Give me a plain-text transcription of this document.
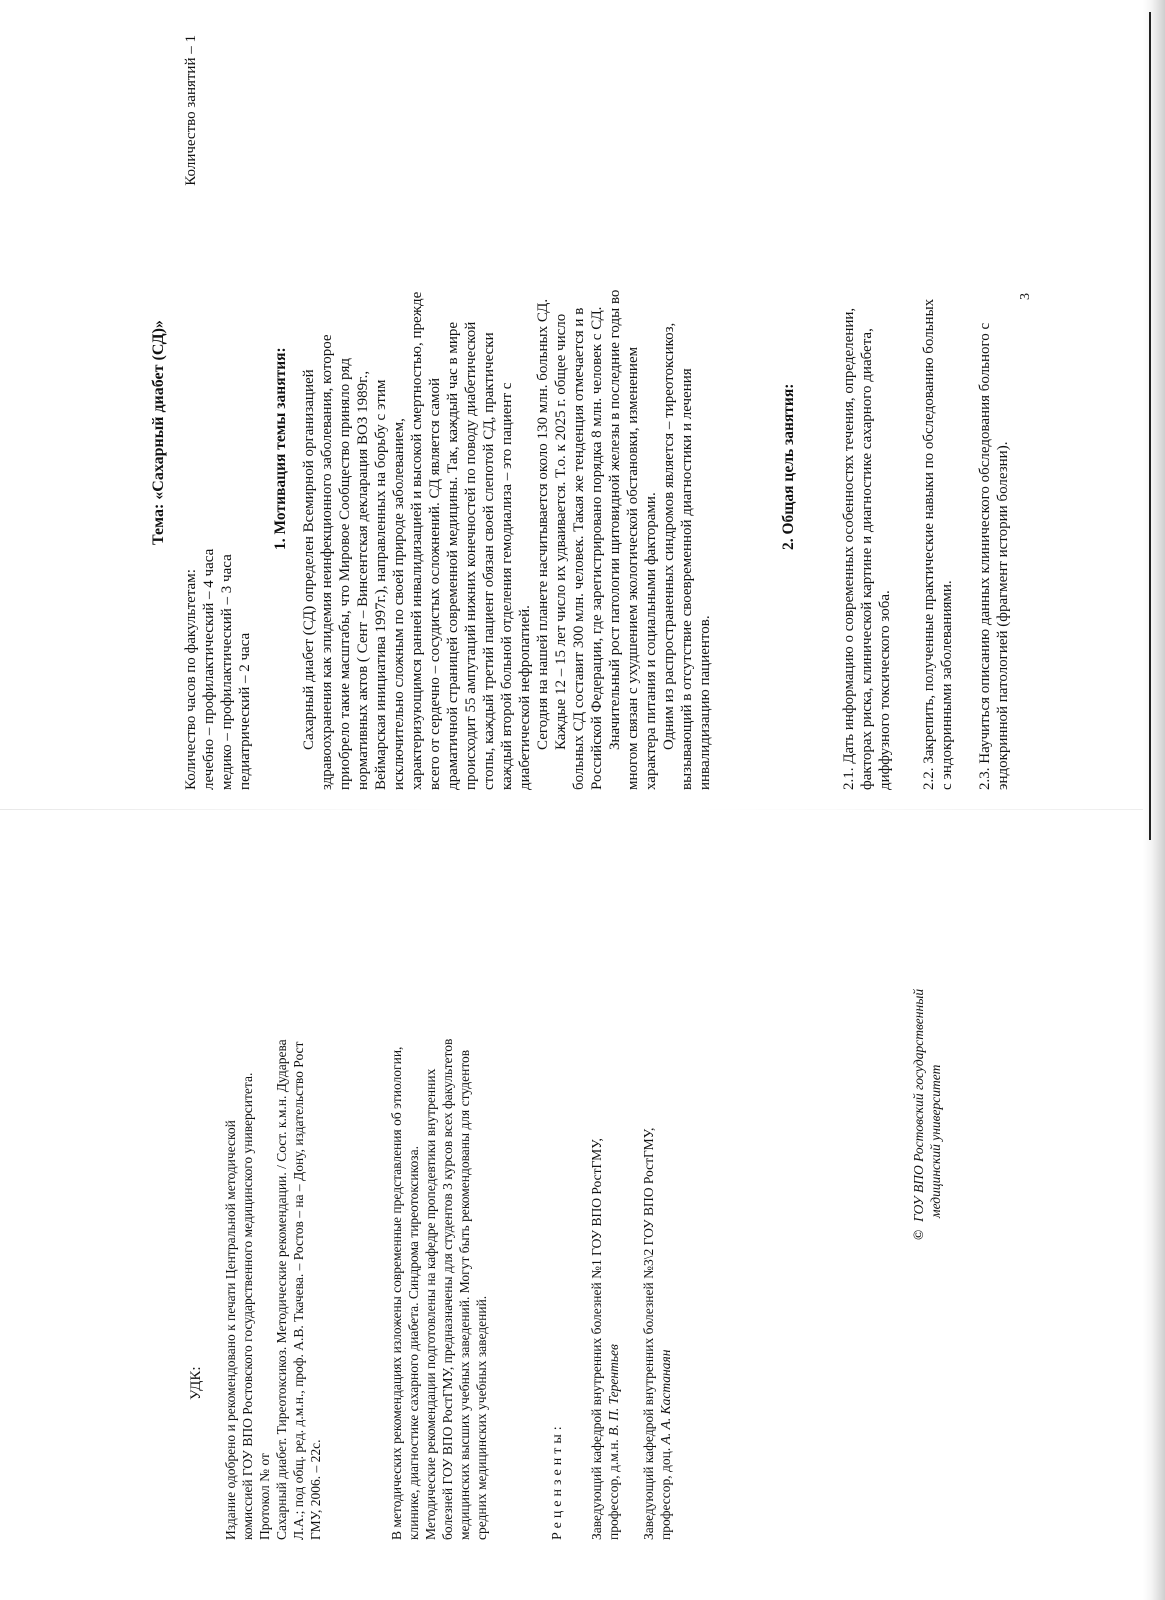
УДК: Издание одобрено и рекомендовано к печати Центральной методической комиссией ГОУ ВПО Ростовского государственного медицинского университета. Протокол № от Сахарный диабет. Тиреотоксикоз. Методические рекомендации. / Сост. к.м.н. Дударева Л.А.; под общ. ред. д.м.н., проф. А.В. Ткачева. – Ростов – на – Дону, издательство Рост ГМУ, 2006. – 22с.	В методических рекомендациях изложены современные представления об этиологии, клинике, диагностике сахарного диабета. Синдрома тиреотоксикоза. Методические рекомендации подготовлены на кафедре пропедевтики внутренних болезней ГОУ ВПО РостГМУ, предназначены для студентов 3 курсов всех факультетов медицинских высших учебных заведений. Могут быть рекомендованы для студентов средних медицинских учебных заведений.	Рецензенты: Заведующий кафедрой внутренних болезней №1 ГОУ ВПО РостГМУ, профессор, д.м.н. В. П. Терентьев Заведующий кафедрой внутренних болезней №3\2 ГОУ ВПО РостГМУ, профессор, доц. А. А. Кастанаян
©ГОУ ВПО Ростовский государственный медицинский университет
Тема: «Сахарный диабет (СД)»
Количество часов по факультетам:
Количество занятий – 1
лечебно – профилактический – 4 часа медико – профилактический – 3 часа педиатрический – 2 часа
1. Мотивация темы занятия: Сахарный диабет (СД) определен Всемирной организацией здравоохранения как эпидемия неинфекционного заболевания, которое приобрело такие масштабы, что Мировое Сообщество приняло ряд нормативных актов ( Сент – Винсентская декларация ВОЗ 1989г., Веймарская инициатива 1997г.), направленных на борьбу с этим исключительно сложным по своей природе заболеванием, характеризующимся ранней инвалидизацией и высокой смертностью, прежде всего от сердечно – сосудистых осложнений. СД является самой драматичной страницей современной медицины. Так, каждый час в мире происходит 55 ампутаций нижних конечностей по поводу диабетической стопы, каждый третий пациент обязан своей слепотой СД, практически каждый второй больной отделения гемодиализа – это пациент с диабетической нефропатией. Сегодня на нашей планете насчитывается около 130 млн. больных СД. Каждые 12 – 15 лет число их удваивается. Т.о. к 2025 г. общее число больных СД составит 300 млн. человек. Такая же тенденция отмечается и в Российской Федерации, где зарегистрировано порядка 8 млн. человек с СД. Значительный рост патологии щитовидной железы в последние годы во многом связан с ухудшением экологической обстановки, изменением характера питания и социальными факторами. Одним из распространенных синдромов является – тиреотоксикоз, вызывающий в отсутствие своевременной диагностики и лечения инвалидизацию пациентов.

2. Общая цель занятия:	2.1. Дать информацию о современных особенностях течения, определении, факторах риска, клинической картине и диагностике сахарного диабета, диффузного токсического зоба. 2.2. Закрепить, полученные практические навыки по обследованию больных с эндокринными заболеваниями. 2.3. Научиться описанию данных клинического обследования больного с эндокринной патологией (фрагмент истории болезни).
3
